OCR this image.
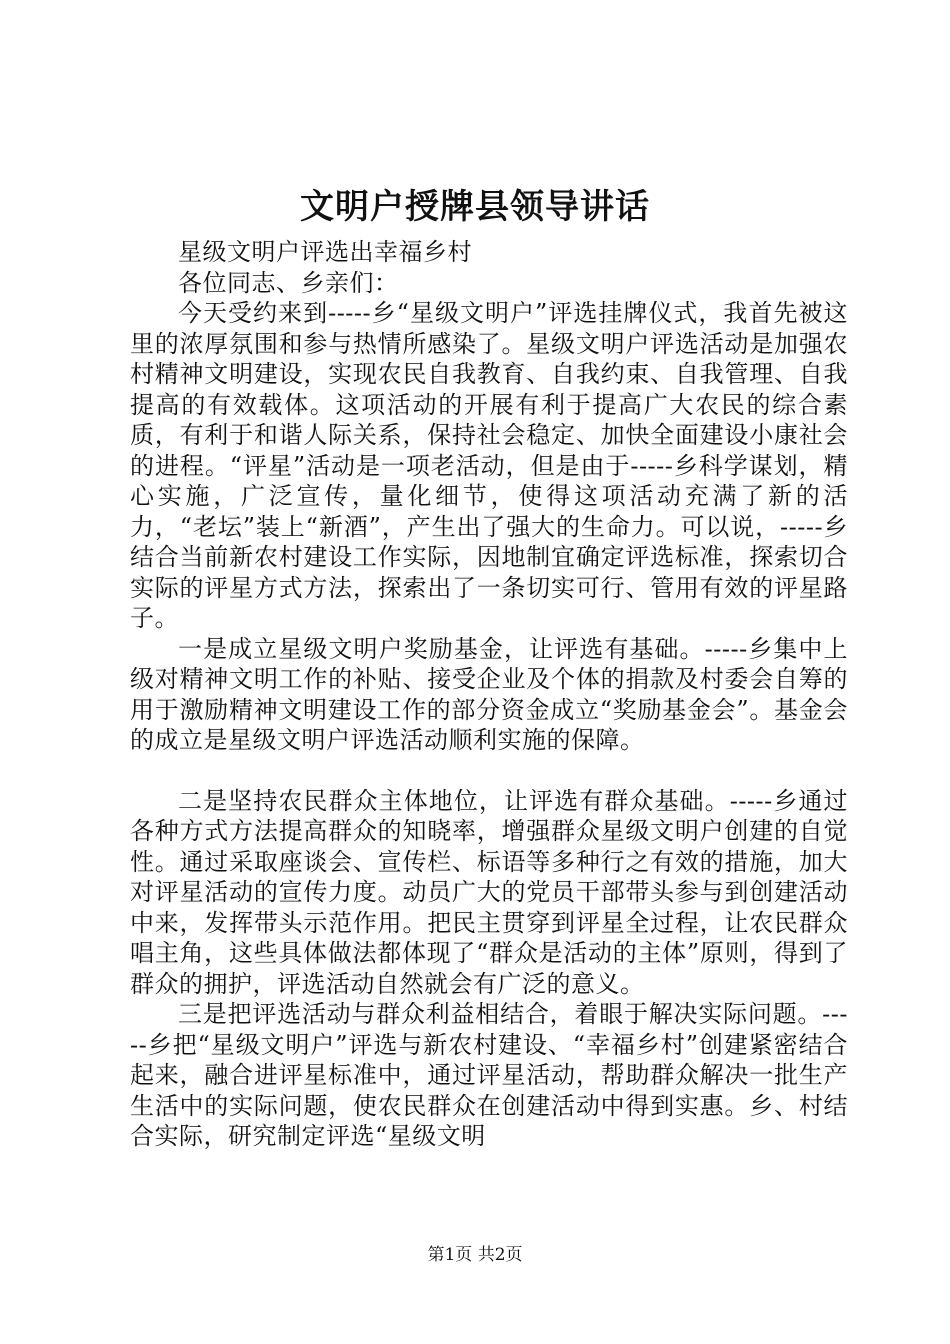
文明户授牌县领导讲话

星级文明户评选出幸福乡村

各位同志、乡亲们：

今天受约来到-----乡“星级文明户”评选挂牌仪式，我首先被这里的浓厚氛围和参与热情所感染了。星级文明户评选活动是加强农村精神文明建设，实现农民自我教育、自我约束、自我管理、自我提高的有效载体。这项活动的开展有利于提高广大农民的综合素质，有利于和谐人际关系，保持社会稳定、加快全面建设小康社会的进程。“评星”活动是一项老活动，但是由于-----乡科学谋划，精心实施，广泛宣传，量化细节，使得这项活动充满了新的活力，“老坛”装上“新酒”，产生出了强大的生命力。可以说，-----乡结合当前新农村建设工作实际，因地制宜确定评选标准，探索切合实际的评星方式方法，探索出了一条切实可行、管用有效的评星路子。

一是成立星级文明户奖励基金，让评选有基础。-----乡集中上级对精神文明工作的补贴、接受企业及个体的捐款及村委会自筹的用于激励精神文明建设工作的部分资金成立“奖励基金会”。基金会的成立是星级文明户评选活动顺利实施的保障。

二是坚持农民群众主体地位，让评选有群众基础。-----乡通过各种方式方法提高群众的知晓率，增强群众星级文明户创建的自觉性。通过采取座谈会、宣传栏、标语等多种行之有效的措施，加大对评星活动的宣传力度。动员广大的党员干部带头参与到创建活动中来，发挥带头示范作用。把民主贯穿到评星全过程，让农民群众唱主角，这些具体做法都体现了“群众是活动的主体”原则，得到了群众的拥护，评选活动自然就会有广泛的意义。

三是把评选活动与群众利益相结合，着眼于解决实际问题。-----乡把“星级文明户”评选与新农村建设、“幸福乡村”创建紧密结合起来，融合进评星标准中，通过评星活动，帮助群众解决一批生产生活中的实际问题，使农民群众在创建活动中得到实惠。乡、村结合实际，研究制定评选“星级文明

第1页 共2页
